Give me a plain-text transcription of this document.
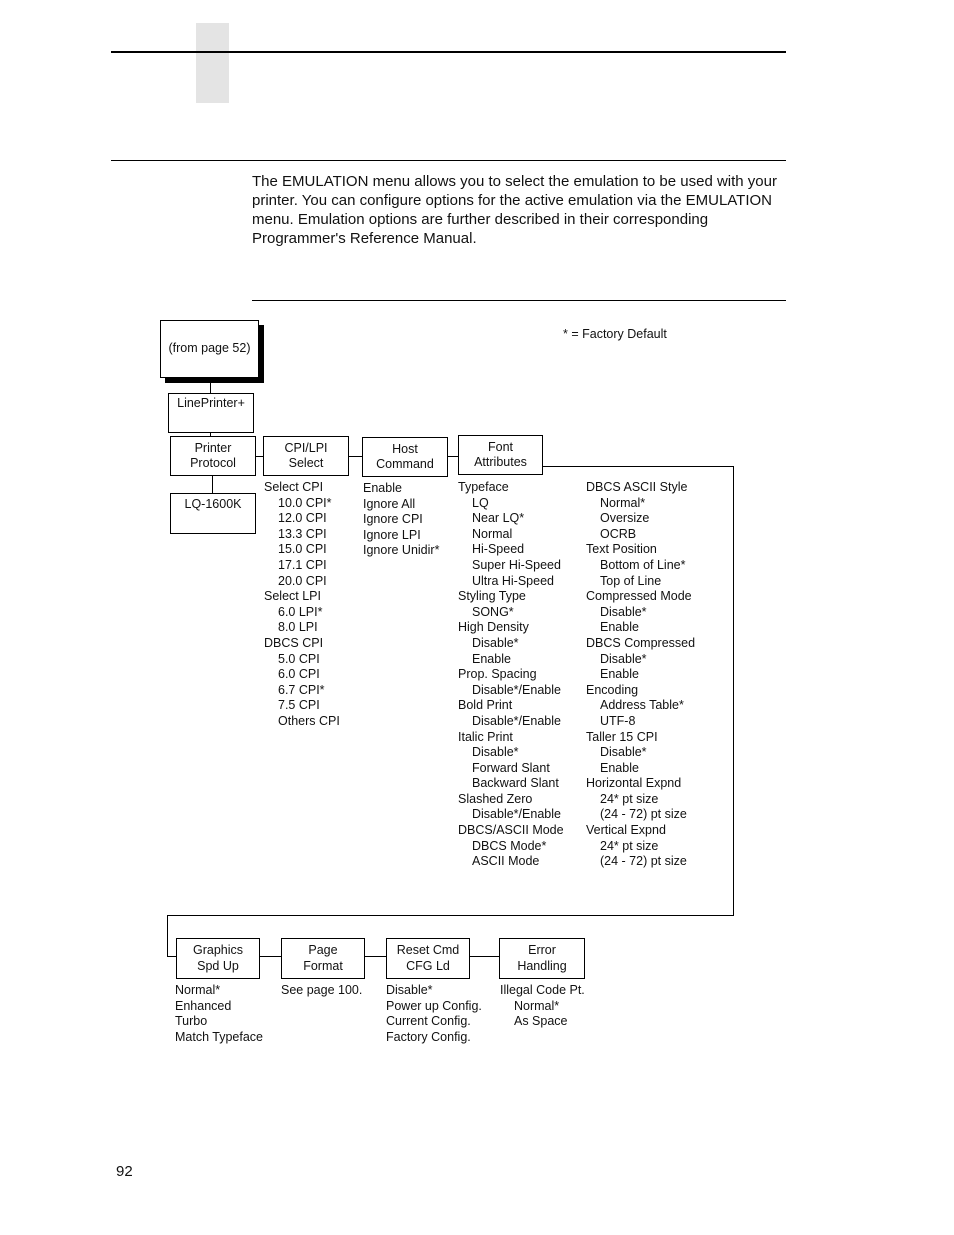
The EMULATION menu allows you to select the emulation to be used with your printer. You can configure options for the active emulation via the EMULATION menu. Emulation options are further described in their corresponding Programmer's Reference Manual.

* = Factory Default
(from page 52)
LinePrinter+
Printer
Protocol
LQ-1600K
CPI/LPI
Select
Host
Command
Font
Attributes
Graphics
Spd Up
Page
Format
Reset Cmd
CFG Ld
Error
Handling
Select CPI
10.0 CPI*
12.0 CPI
13.3 CPI
15.0 CPI
17.1 CPI
20.0 CPI
Select LPI
6.0 LPI*
8.0 LPI
DBCS CPI
5.0 CPI
6.0 CPI
6.7 CPI*
7.5 CPI
Others CPI
Enable
Ignore All
Ignore CPI
Ignore LPI
Ignore Unidir*
Typeface
LQ
Near LQ*
Normal
Hi-Speed
Super Hi-Speed
Ultra Hi-Speed
Styling Type
SONG*
High Density
Disable*
Enable
Prop. Spacing
Disable*/Enable
Bold Print
Disable*/Enable
Italic Print
Disable*
Forward Slant
Backward Slant
Slashed Zero
Disable*/Enable
DBCS/ASCII Mode
DBCS Mode*
ASCII Mode
DBCS ASCII Style
Normal*
Oversize
OCRB
Text Position
Bottom of Line*
Top of Line
Compressed Mode
Disable*
Enable
DBCS Compressed
Disable*
Enable
Encoding
Address Table*
UTF-8
Taller 15 CPI
Disable*
Enable
Horizontal Expnd
24* pt size
(24 - 72) pt size
Vertical Expnd
24* pt size
(24 - 72) pt size
Normal*
Enhanced
Turbo
Match Typeface
See page 100. Disable*
Power up Config.
Current Config.
Factory Config.
Illegal Code Pt.
Normal*
As Space
92
